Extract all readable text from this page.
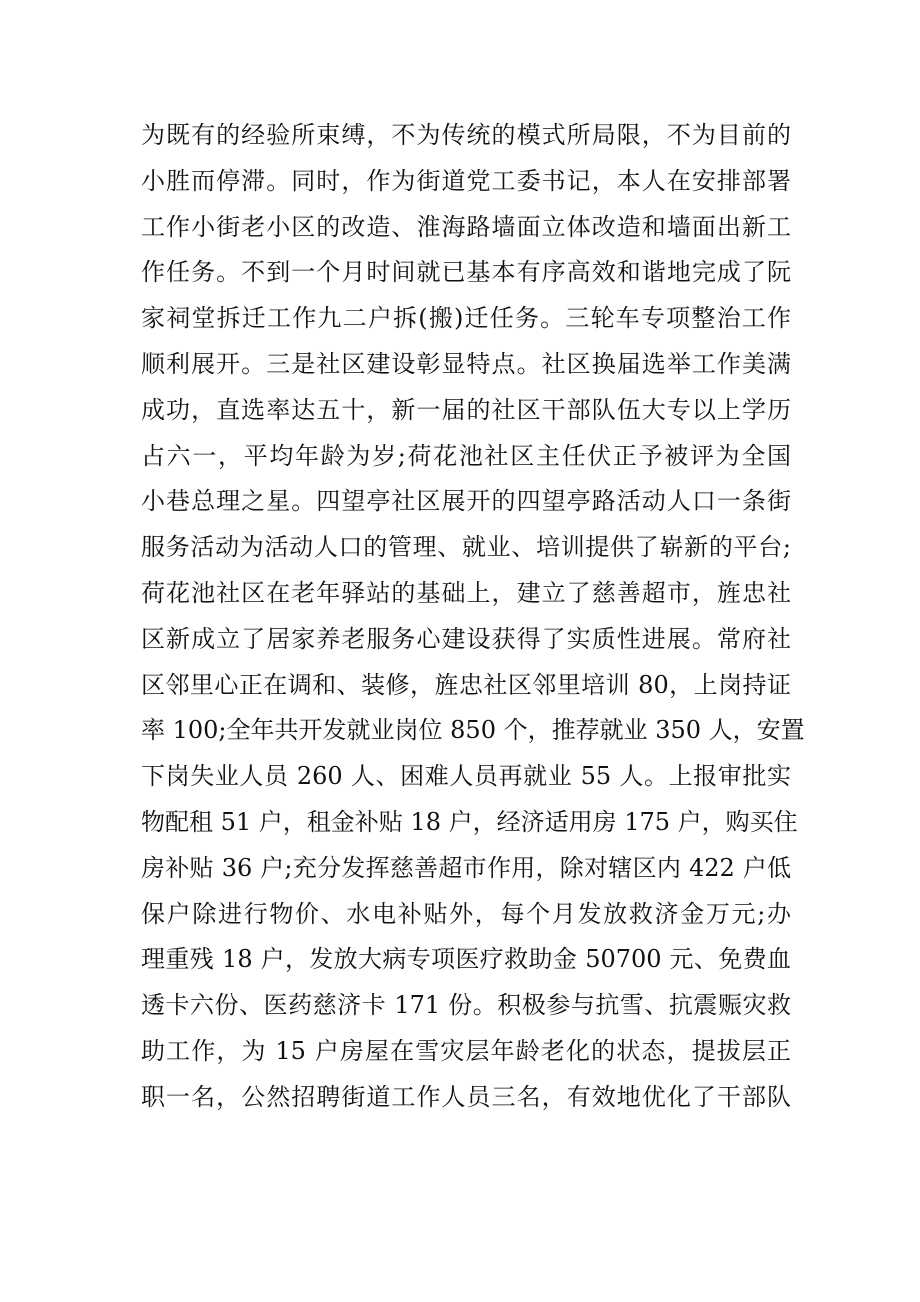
为既有的经验所束缚，不为传统的模式所局限，不为目前的
小胜而停滞。同时，作为街道党工委书记，本人在安排部署
工作小街老小区的改造、淮海路墙面立体改造和墙面出新工
作任务。不到一个月时间就已基本有序高效和谐地完成了阮
家祠堂拆迁工作九二户拆(搬)迁任务。三轮车专项整治工作
顺利展开。三是社区建设彰显特点。社区换届选举工作美满
成功，直选率达五十，新一届的社区干部队伍大专以上学历
占六一，平均年龄为岁;荷花池社区主任伏正予被评为全国
小巷总理之星。四望亭社区展开的四望亭路活动人口一条街
服务活动为活动人口的管理、就业、培训提供了崭新的平台;
荷花池社区在老年驿站的基础上，建立了慈善超市，旌忠社
区新成立了居家养老服务心建设获得了实质性进展。常府社
区邻里心正在调和、装修，旌忠社区邻里培训 80，上岗持证
率 100;全年共开发就业岗位 850 个，推荐就业 350 人，安置
下岗失业人员 260 人、困难人员再就业 55 人。上报审批实
物配租 51 户，租金补贴 18 户，经济适用房 175 户，购买住
房补贴 36 户;充分发挥慈善超市作用，除对辖区内 422 户低
保户除进行物价、水电补贴外，每个月发放救济金万元;办
理重残 18 户，发放大病专项医疗救助金 50700 元、免费血
透卡六份、医药慈济卡 171 份。积极参与抗雪、抗震赈灾救
助工作，为 15 户房屋在雪灾层年龄老化的状态，提拔层正
职一名，公然招聘街道工作人员三名，有效地优化了干部队
